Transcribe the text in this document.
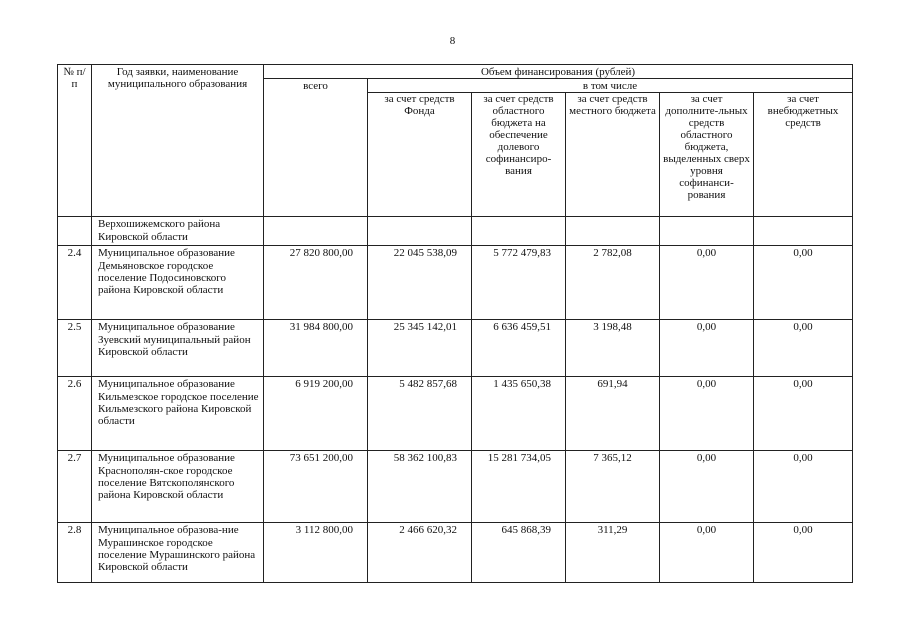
8
№ п/п	Год заявки, наименование муниципального образования	Объем финансирования (рублей)					
		всего	в том числе				
			за счет средств Фонда	за счет средств областного бюджета на обеспечение долевого софинансиро-вания	за счет средств местного бюджета	за счет дополните-льных средств областного бюджета, выделенных сверх уровня софинанси-рования	за счет внебюджетных средств
	Верхошижемского района Кировской области						
2.4	Муниципальное образование Демьяновское городское поселение Подосиновского района Кировской области	27 820 800,00	22 045 538,09	5 772 479,83	2 782,08	0,00	0,00
2.5	Муниципальное образование Зуевский муниципальный район Кировской области	31 984 800,00	25 345 142,01	6 636 459,51	3 198,48	0,00	0,00
2.6	Муниципальное образование Кильмезское городское поселение Кильмезского района Кировской области	6 919 200,00	5 482 857,68	1 435 650,38	691,94	0,00	0,00
2.7	Муниципальное образование Краснополян-ское городское поселение Вятскополянского района Кировской области	73 651 200,00	58 362 100,83	15 281 734,05	7 365,12	0,00	0,00
2.8	Муниципальное образова-ние Мурашинское городское поселение Мурашинского района Кировской области	3 112 800,00	2 466 620,32	645 868,39	311,29	0,00	0,00
